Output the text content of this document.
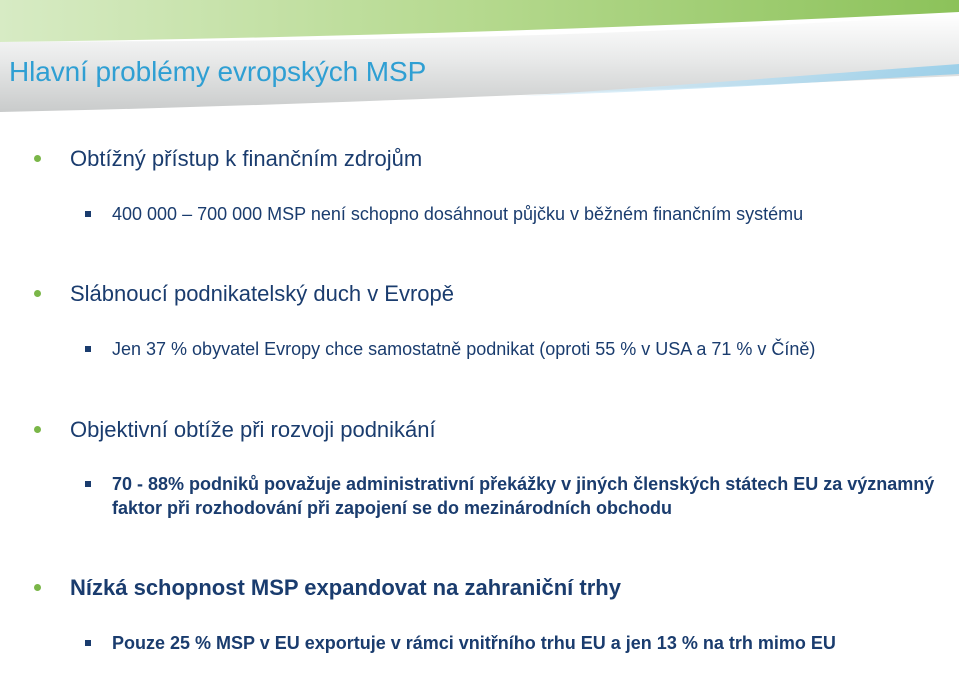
Hlavní problémy evropských MSP
Obtížný přístup k finančním zdrojům
400 000 – 700 000 MSP není schopno dosáhnout půjčku v běžném finančním systému
Slábnoucí podnikatelský duch v Evropě
Jen 37 % obyvatel Evropy chce samostatně podnikat (oproti 55 % v USA a 71 % v Číně)
Objektivní obtíže při rozvoji podnikání
70 - 88% podniků považuje administrativní překážky v jiných členských státech EU za významný faktor při rozhodování při zapojení se do mezinárodních obchodu
Nízká schopnost MSP expandovat na zahraniční trhy
Pouze 25 % MSP v EU exportuje v rámci vnitřního trhu EU a jen 13 % na trh mimo EU
